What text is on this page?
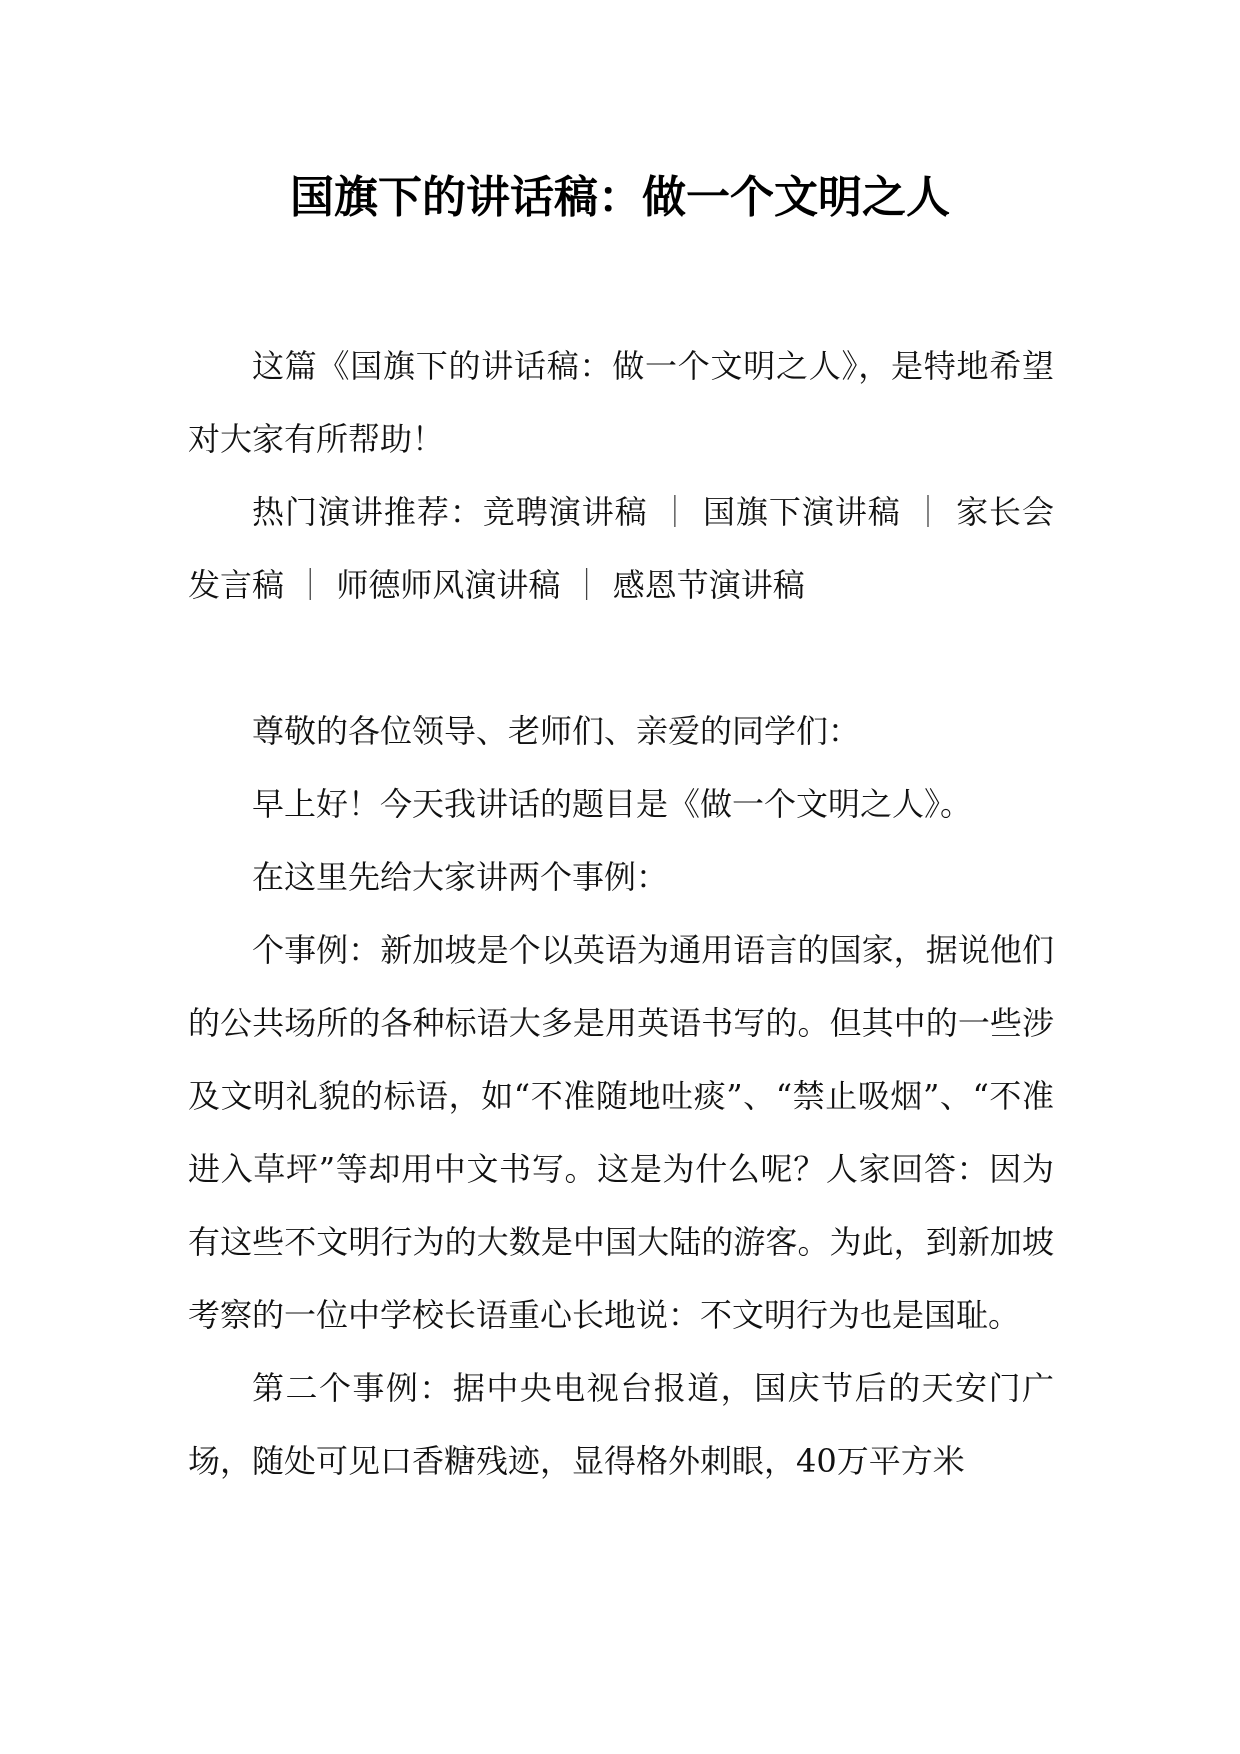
国旗下的讲话稿：做一个文明之人

这篇《国旗下的讲话稿：做一个文明之人》，是特地希望对大家有所帮助！

热门演讲推荐：竞聘演讲稿 ｜ 国旗下演讲稿 ｜ 家长会发言稿 ｜ 师德师风演讲稿 ｜ 感恩节演讲稿

尊敬的各位领导、老师们、亲爱的同学们：

早上好！今天我讲话的题目是《做一个文明之人》。

在这里先给大家讲两个事例：

个事例：新加坡是个以英语为通用语言的国家，据说他们的公共场所的各种标语大多是用英语书写的。但其中的一些涉及文明礼貌的标语，如“不准随地吐痰”、“禁止吸烟”、“不准进入草坪”等却用中文书写。这是为什么呢？人家回答：因为有这些不文明行为的大数是中国大陆的游客。为此，到新加坡考察的一位中学校长语重心长地说：不文明行为也是国耻。

第二个事例：据中央电视台报道，国庆节后的天安门广场，随处可见口香糖残迹，显得格外刺眼，40万平方米
